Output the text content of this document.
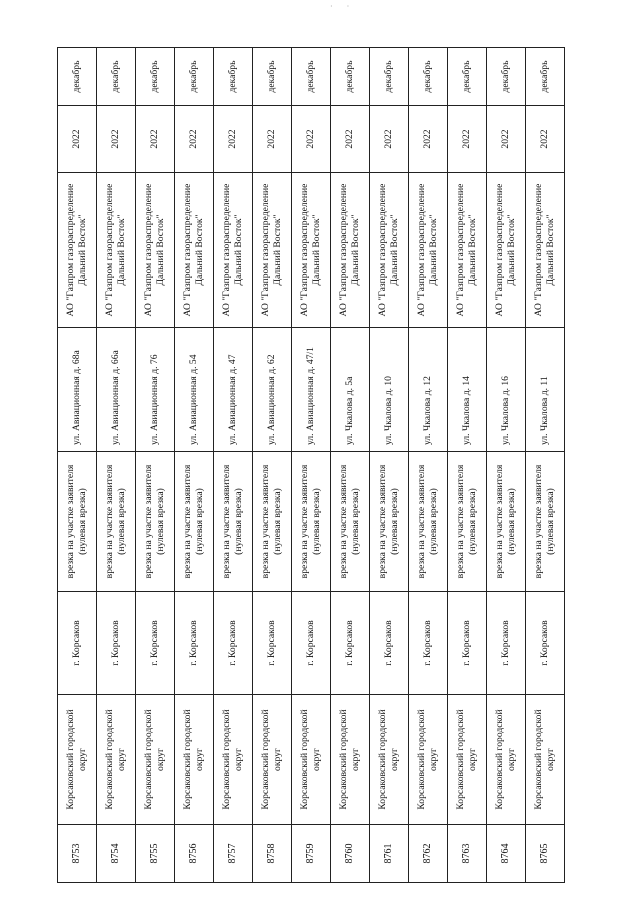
· ·
8753	Корсаковский городской округ	г. Корсаков	врезка на участке заявителя (нулевая врезка)	ул. Авиационная д. 68а	АО "Газпром газораспределение Дальний Восток"	2022	декабрь
8754	Корсаковский городской округ	г. Корсаков	врезка на участке заявителя (нулевая врезка)	ул. Авиационная д. 66а	АО "Газпром газораспределение Дальний Восток"	2022	декабрь
8755	Корсаковский городской округ	г. Корсаков	врезка на участке заявителя (нулевая врезка)	ул. Авиационная д. 76	АО "Газпром газораспределение Дальний Восток"	2022	декабрь
8756	Корсаковский городской округ	г. Корсаков	врезка на участке заявителя (нулевая врезка)	ул. Авиационная д. 54	АО "Газпром газораспределение Дальний Восток"	2022	декабрь
8757	Корсаковский городской округ	г. Корсаков	врезка на участке заявителя (нулевая врезка)	ул. Авиационная д. 47	АО "Газпром газораспределение Дальний Восток"	2022	декабрь
8758	Корсаковский городской округ	г. Корсаков	врезка на участке заявителя (нулевая врезка)	ул. Авиационная д. 62	АО "Газпром газораспределение Дальний Восток"	2022	декабрь
8759	Корсаковский городской округ	г. Корсаков	врезка на участке заявителя (нулевая врезка)	ул. Авиационная д. 47/1	АО "Газпром газораспределение Дальний Восток"	2022	декабрь
8760	Корсаковский городской округ	г. Корсаков	врезка на участке заявителя (нулевая врезка)	ул. Чкалова д. 5а	АО "Газпром газораспределение Дальний Восток"	2022	декабрь
8761	Корсаковский городской округ	г. Корсаков	врезка на участке заявителя (нулевая врезка)	ул. Чкалова д. 10	АО "Газпром газораспределение Дальний Восток"	2022	декабрь
8762	Корсаковский городской округ	г. Корсаков	врезка на участке заявителя (нулевая врезка)	ул. Чкалова д. 12	АО "Газпром газораспределение Дальний Восток"	2022	декабрь
8763	Корсаковский городской округ	г. Корсаков	врезка на участке заявителя (нулевая врезка)	ул. Чкалова д. 14	АО "Газпром газораспределение Дальний Восток"	2022	декабрь
8764	Корсаковский городской округ	г. Корсаков	врезка на участке заявителя (нулевая врезка)	ул. Чкалова д. 16	АО "Газпром газораспределение Дальний Восток"	2022	декабрь
8765	Корсаковский городской округ	г. Корсаков	врезка на участке заявителя (нулевая врезка)	ул. Чкалова д. 11	АО "Газпром газораспределение Дальний Восток"	2022	декабрь
